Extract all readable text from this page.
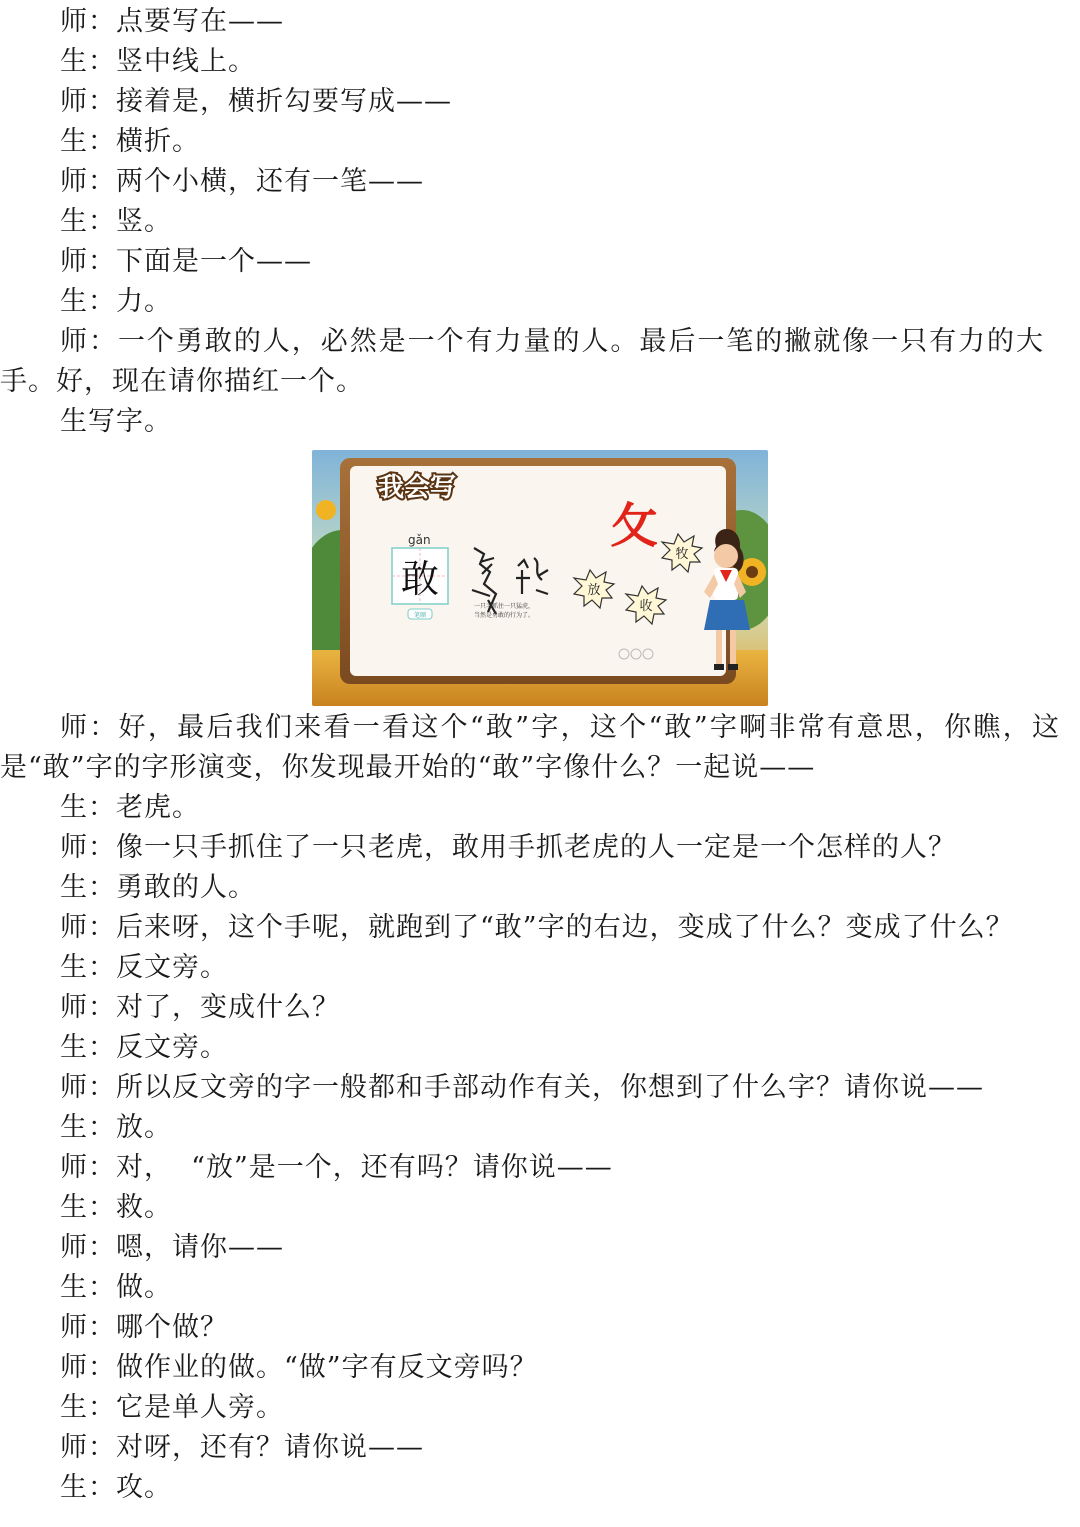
师：点要写在——
生：竖中线上。
师：接着是，横折勾要写成——
生：横折。
师：两个小横，还有一笔——
生：竖。
师：下面是一个——
生：力。
师：一个勇敢的人，必然是一个有力量的人。最后一笔的撇就像一只有力的大手。好，现在请你描红一个。
生写字。
我会写
gǎn
敢
笔顺
一只手抓住一只猛虎，
当然是勇敢的行为了。
攵
牧
放
收
师：好，最后我们来看一看这个“敢”字，这个“敢”字啊非常有意思，你瞧，这是“敢”字的字形演变，你发现最开始的“敢”字像什么？一起说——
生：老虎。
师：像一只手抓住了一只老虎，敢用手抓老虎的人一定是一个怎样的人？
生：勇敢的人。
师：后来呀，这个手呢，就跑到了“敢”字的右边，变成了什么？变成了什么？
生：反文旁。
师：对了，变成什么？
生：反文旁。
师：所以反文旁的字一般都和手部动作有关，你想到了什么字？请你说——
生：放。
师：对，  “放”是一个，还有吗？请你说——
生：救。
师：嗯，请你——
生：做。
师：哪个做？
师：做作业的做。“做”字有反文旁吗？
生：它是单人旁。
师：对呀，还有？请你说——
生：攻。
